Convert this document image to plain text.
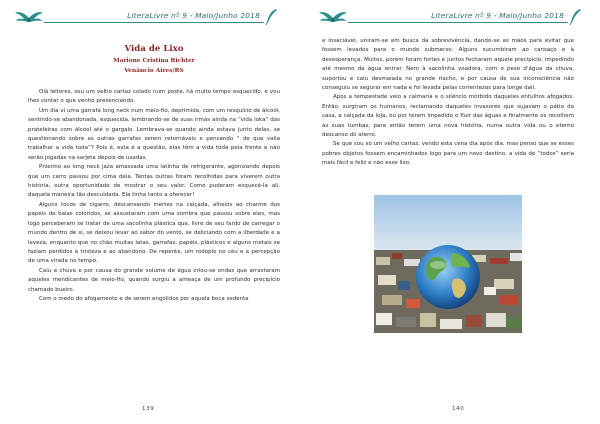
LiteraLivre nº 9 - Maio/Junho 2018
Vida de Lixo
Marione Cristina Richter
Venâncio Aires/RS

Olá leitores, sou um velho cartaz colado num poste, há muito tempo esquecido, e vou lhes contar o que venho presenciando.

Um dia vi uma garrafa long neck num meio-fio, deprimida, com um resquício de álcool, sentindo-se abandonada, esquecida, lembrando-se de suas irmãs ainda na “vida loka” das prateleiras com álcool até o gargalo. Lembrava-se quando ainda estava junto delas, se questionando sobre as outras garrafas serem retornáveis e pensando “ de que valia trabalhar a vida toda”? Pois é, esta é a questão, elas têm a vida toda pela frente e não serão jogadas na sarjeta depois de usadas.

Próximo ao long neck jaza amassada uma latinha de refrigerante, agonizando depois que um carro passou por cima dela. Tantas outras foram recolhidas para viverem outra história, outra oportunidade de mostrar o seu valor. Como puderam esquecê-la ali, daquela maneira tão descuidada. Ela tinha tanto a oferecer!

Alguns tocos de cigarro, descansando inertes na calçada, alheios ao charme dos papéis de balas coloridos, se assustaram com uma sombra que passou sobre eles, mas logo perceberam se tratar de uma sacolinha plástica que, livre de seu fardo de carregar o mundo dentro de si, se deixou levar ao sabor do vento, se deliciando com a liberdade e a leveza, enquanto que no chão muitas latas, garrafas, papéis, plásticos e alguns metais se faziam perdidos à tristeza e ao abandono. De repente, um rodopio no céu e a percepção de uma virada no tempo.

Caiu a chuva e por causa do grande volume de água criou-se ondas que arrastaram aqueles mendicantes de meio-fio, quando surgiu a ameaça de um profundo precipício chamado bueiro.

Com o medo do afogamento e de serem engolidos por aquela boca sedenta

139
LiteraLivre nº 9 - Maio/Junho 2018

e insaciável, uniram-se em busca da sobrevivência, dando-se as mãos para evitar que fossem levados para o mundo submerso. Alguns sucumbiram ao cansaço e à desesperança. Muitos, porém foram fortes e juntos fecharam aquele precipício, impedindo até mesmo da água entrar. Nem à sacolinha voadora, com o peso d’água da chuva, suportou e caiu desmaiada no grande riacho, e por causa de sua inconsciência não conseguiu se segurar em nada e foi levada pelas correntezas para longe dali.

Após a tempestade veio a calmaria e o silêncio mórbido daqueles entulhos afogados. Então, surgiram os humanos, reclamando daqueles invasores que sujavam o pátio da casa, a calçada da loja, ou por terem impedido o fluir das águas e finalmente os recolhem às suas tumbas, para então terem uma nova história, numa outra vida ou o eterno descanso do aterro.

Se que sou só um velho cartaz, vendo esta cena dia após dia, mas penso que se esses pobres objetos fossem encaminhados logo para um novo destino, a vida de “todos” seria mais fácil e feliz e não esse lixo.

140
